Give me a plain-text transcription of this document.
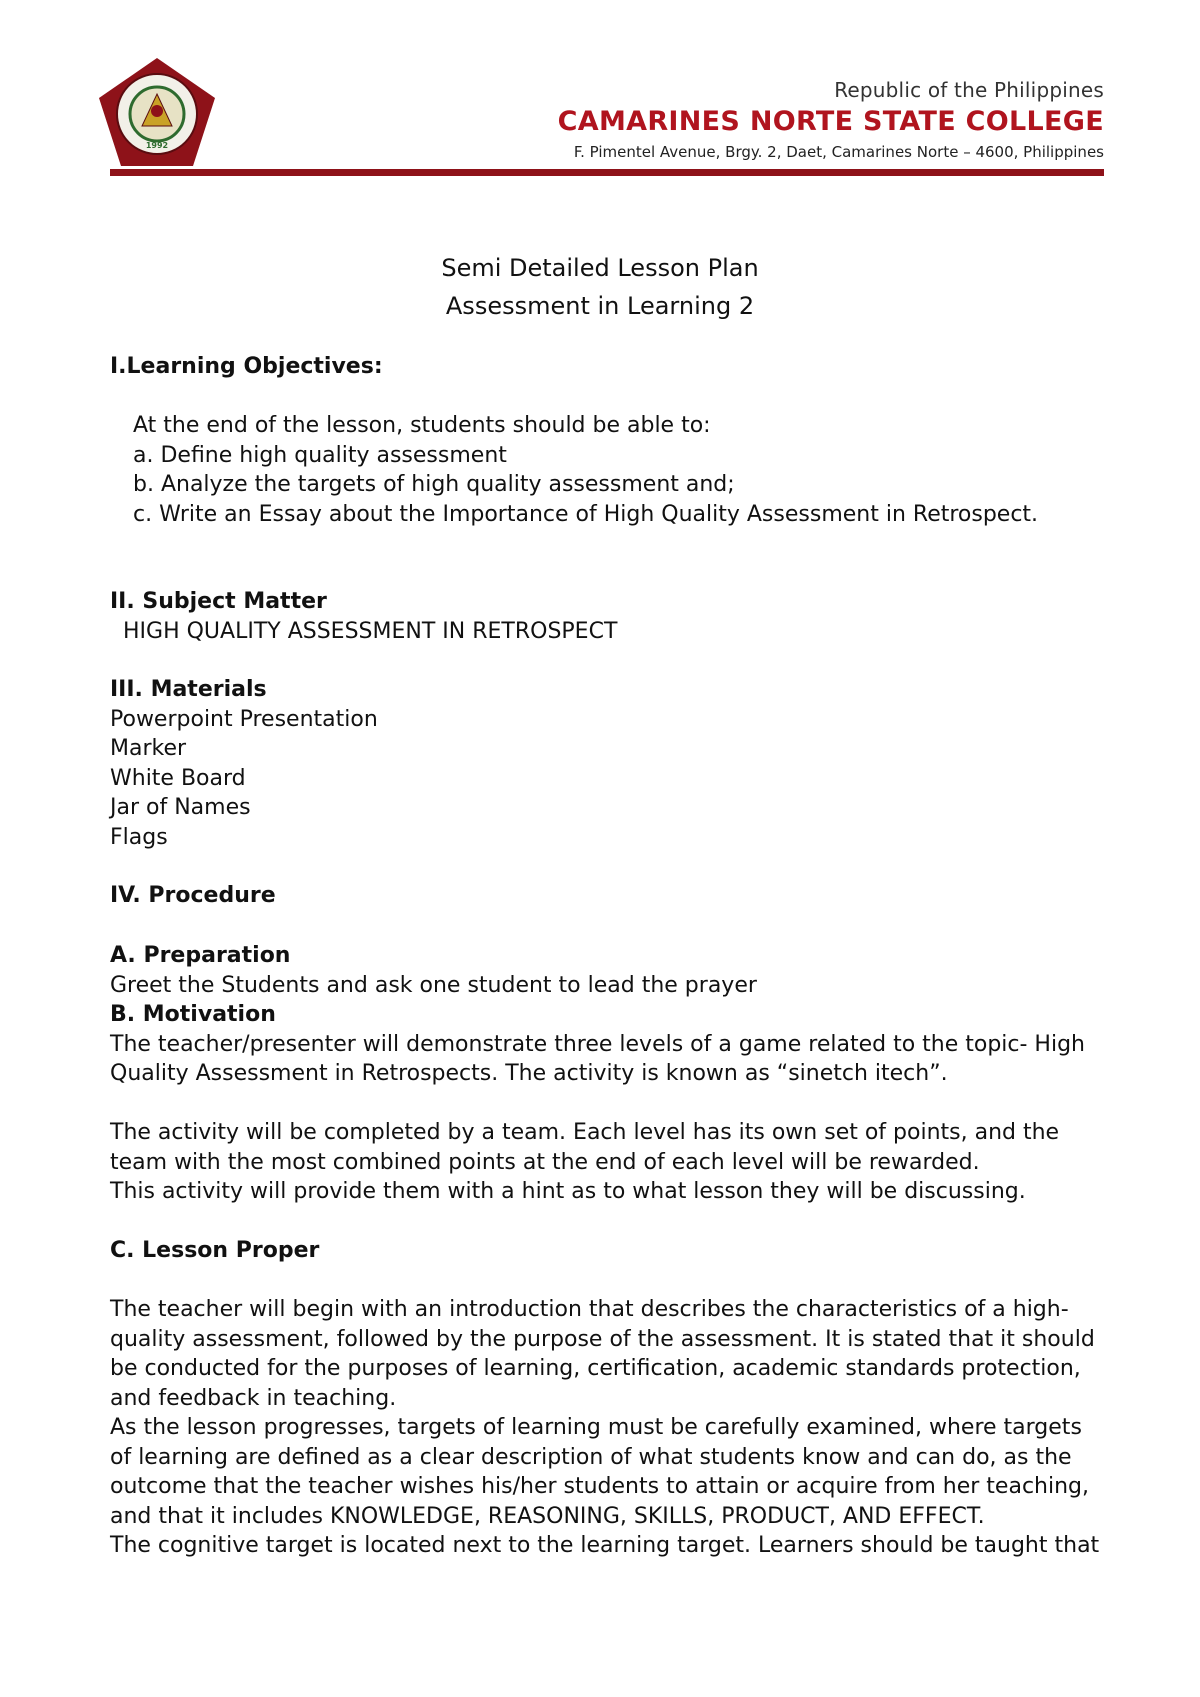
1992
Republic of the Philippines
CAMARINES NORTE STATE COLLEGE
F. Pimentel Avenue, Brgy. 2, Daet, Camarines Norte – 4600, Philippines
Semi Detailed Lesson Plan
Assessment in Learning 2

I.Learning Objectives:

At the end of the lesson, students should be able to:

a. Define high quality assessment

b. Analyze the targets of high quality assessment and;

c. Write an Essay about the Importance of High Quality Assessment in Retrospect.

II. Subject Matter

HIGH QUALITY ASSESSMENT IN RETROSPECT

III. Materials

Powerpoint Presentation

Marker

White Board

Jar of Names

Flags

IV. Procedure

A. Preparation

Greet the Students and ask one student to lead the prayer

B. Motivation

The teacher/presenter will demonstrate three levels of a game related to the topic- High Quality Assessment in Retrospects. The activity is known as “sinetch itech”.

The activity will be completed by a team. Each level has its own set of points, and the team with the most combined points at the end of each level will be rewarded.

This activity will provide them with a hint as to what lesson they will be discussing.

C. Lesson Proper

The teacher will begin with an introduction that describes the characteristics of a high-quality assessment, followed by the purpose of the assessment. It is stated that it should be conducted for the purposes of learning, certification, academic standards protection, and feedback in teaching.

As the lesson progresses, targets of learning must be carefully examined, where targets of learning are defined as a clear description of what students know and can do, as the outcome that the teacher wishes his/her students to attain or acquire from her teaching, and that it includes KNOWLEDGE, REASONING, SKILLS, PRODUCT, AND EFFECT.

The cognitive target is located next to the learning target. Learners should be taught that
